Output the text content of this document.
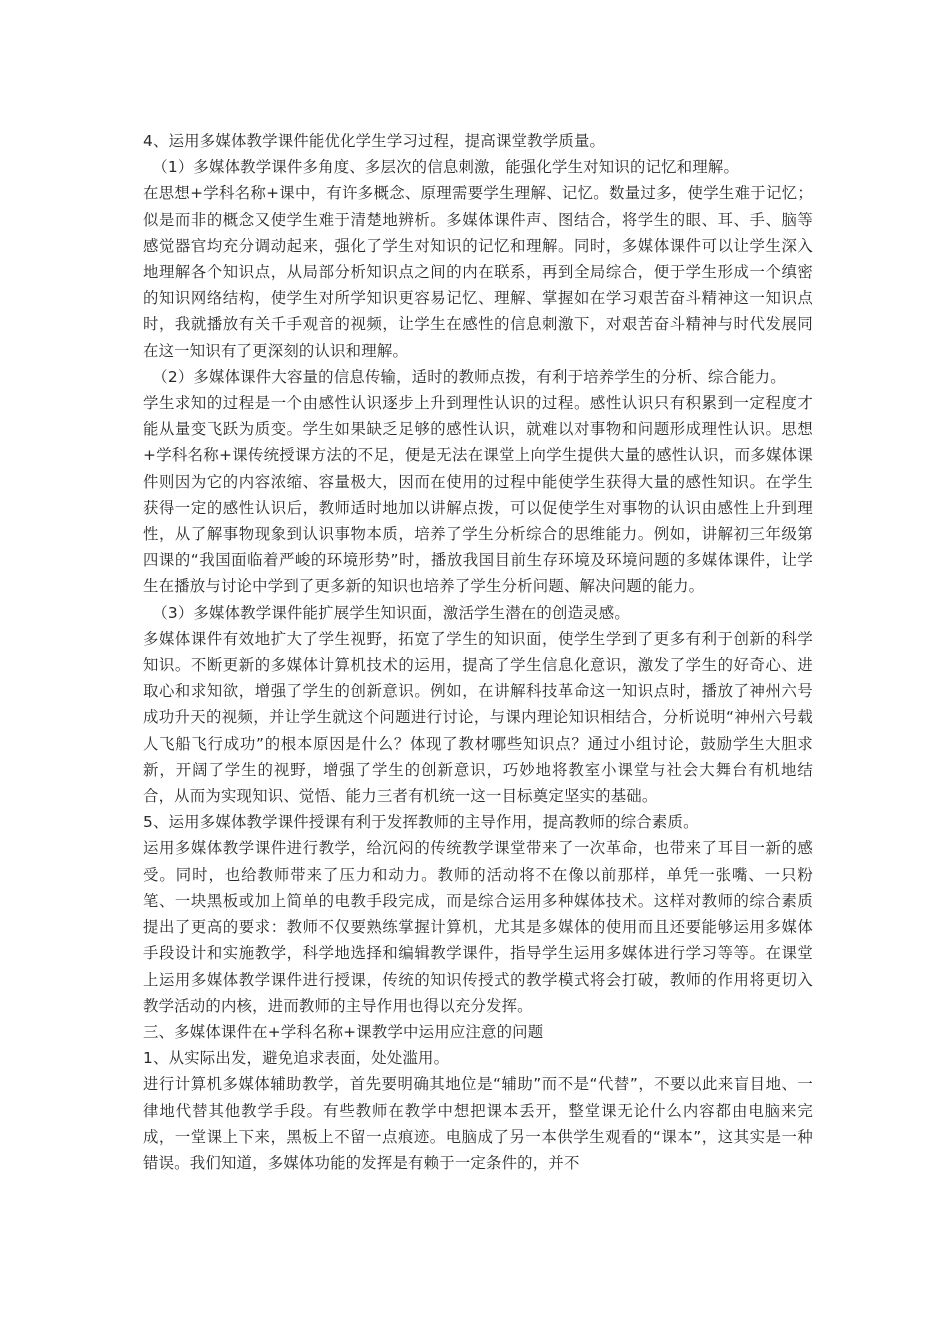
4、运用多媒体教学课件能优化学生学习过程，提高课堂教学质量。

（1）多媒体教学课件多角度、多层次的信息刺激，能强化学生对知识的记忆和理解。

在思想+学科名称+课中，有许多概念、原理需要学生理解、记忆。数量过多，使学生难于记忆；似是而非的概念又使学生难于清楚地辨析。多媒体课件声、图结合，将学生的眼、耳、手、脑等感觉器官均充分调动起来，强化了学生对知识的记忆和理解。同时，多媒体课件可以让学生深入地理解各个知识点，从局部分析知识点之间的内在联系，再到全局综合，便于学生形成一个缜密的知识网络结构，使学生对所学知识更容易记忆、理解、掌握如在学习艰苦奋斗精神这一知识点时，我就播放有关千手观音的视频，让学生在感性的信息刺激下，对艰苦奋斗精神与时代发展同在这一知识有了更深刻的认识和理解。

（2）多媒体课件大容量的信息传输，适时的教师点拨，有利于培养学生的分析、综合能力。

学生求知的过程是一个由感性认识逐步上升到理性认识的过程。感性认识只有积累到一定程度才能从量变飞跃为质变。学生如果缺乏足够的感性认识，就难以对事物和问题形成理性认识。思想+学科名称+课传统授课方法的不足，便是无法在课堂上向学生提供大量的感性认识，而多媒体课件则因为它的内容浓缩、容量极大，因而在使用的过程中能使学生获得大量的感性知识。在学生获得一定的感性认识后，教师适时地加以讲解点拨，可以促使学生对事物的认识由感性上升到理性，从了解事物现象到认识事物本质，培养了学生分析综合的思维能力。例如，讲解初三年级第四课的“我国面临着严峻的环境形势”时，播放我国目前生存环境及环境问题的多媒体课件，让学生在播放与讨论中学到了更多新的知识也培养了学生分析问题、解决问题的能力。

（3）多媒体教学课件能扩展学生知识面，激活学生潜在的创造灵感。

多媒体课件有效地扩大了学生视野，拓宽了学生的知识面，使学生学到了更多有利于创新的科学知识。不断更新的多媒体计算机技术的运用，提高了学生信息化意识，激发了学生的好奇心、进取心和求知欲，增强了学生的创新意识。例如，在讲解科技革命这一知识点时，播放了神州六号成功升天的视频，并让学生就这个问题进行讨论，与课内理论知识相结合，分析说明“神州六号载人飞船飞行成功”的根本原因是什么？体现了教材哪些知识点？通过小组讨论，鼓励学生大胆求新，开阔了学生的视野，增强了学生的创新意识，巧妙地将教室小课堂与社会大舞台有机地结合，从而为实现知识、觉悟、能力三者有机统一这一目标奠定坚实的基础。

5、运用多媒体教学课件授课有利于发挥教师的主导作用，提高教师的综合素质。

运用多媒体教学课件进行教学，给沉闷的传统教学课堂带来了一次革命，也带来了耳目一新的感受。同时，也给教师带来了压力和动力。教师的活动将不在像以前那样，单凭一张嘴、一只粉笔、一块黑板或加上简单的电教手段完成，而是综合运用多种媒体技术。这样对教师的综合素质提出了更高的要求：教师不仅要熟练掌握计算机，尤其是多媒体的使用而且还要能够运用多媒体手段设计和实施教学，科学地选择和编辑教学课件，指导学生运用多媒体进行学习等等。在课堂上运用多媒体教学课件进行授课，传统的知识传授式的教学模式将会打破，教师的作用将更切入教学活动的内核，进而教师的主导作用也得以充分发挥。

三、多媒体课件在+学科名称+课教学中运用应注意的问题

1、从实际出发，避免追求表面，处处滥用。

进行计算机多媒体辅助教学，首先要明确其地位是“辅助”而不是“代替”，不要以此来盲目地、一律地代替其他教学手段。有些教师在教学中想把课本丢开，整堂课无论什么内容都由电脑来完成，一堂课上下来，黑板上不留一点痕迹。电脑成了另一本供学生观看的“课本”，这其实是一种错误。我们知道，多媒体功能的发挥是有赖于一定条件的，并不
